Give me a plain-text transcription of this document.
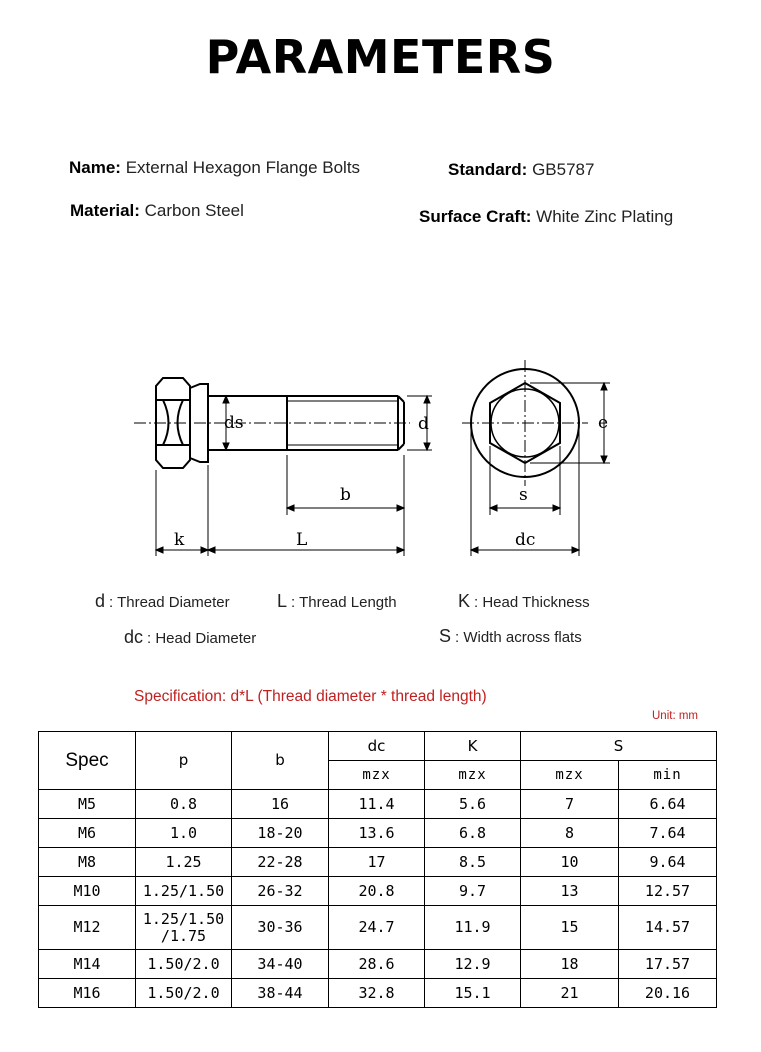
PARAMETERS
Name: External Hexagon Flange Bolts	Standard: GB5787
Material: Carbon Steel	Surface Craft: White Zinc Plating
ds	d
b
k	L
e
s
dc
d : Thread Diameter	L : Thread Length	K : Head Thickness
dc : Head Diameter	S : Width across flats
Specification: d*L (Thread diameter * thread length)
Unit: mm
Spec	p	b	dc	K	S	
			mzx	mzx	mzx	min
M5	0.8	16	11.4	5.6	7	6.64
M6	1.0	18-20	13.6	6.8	8	7.64
M8	1.25	22-28	17	8.5	10	9.64
M10	1.25/1.50	26-32	20.8	9.7	13	12.57
M12	1.25/1.50 /1.75	30-36	24.7	11.9	15	14.57
M14	1.50/2.0	34-40	28.6	12.9	18	17.57
M16	1.50/2.0	38-44	32.8	15.1	21	20.16
